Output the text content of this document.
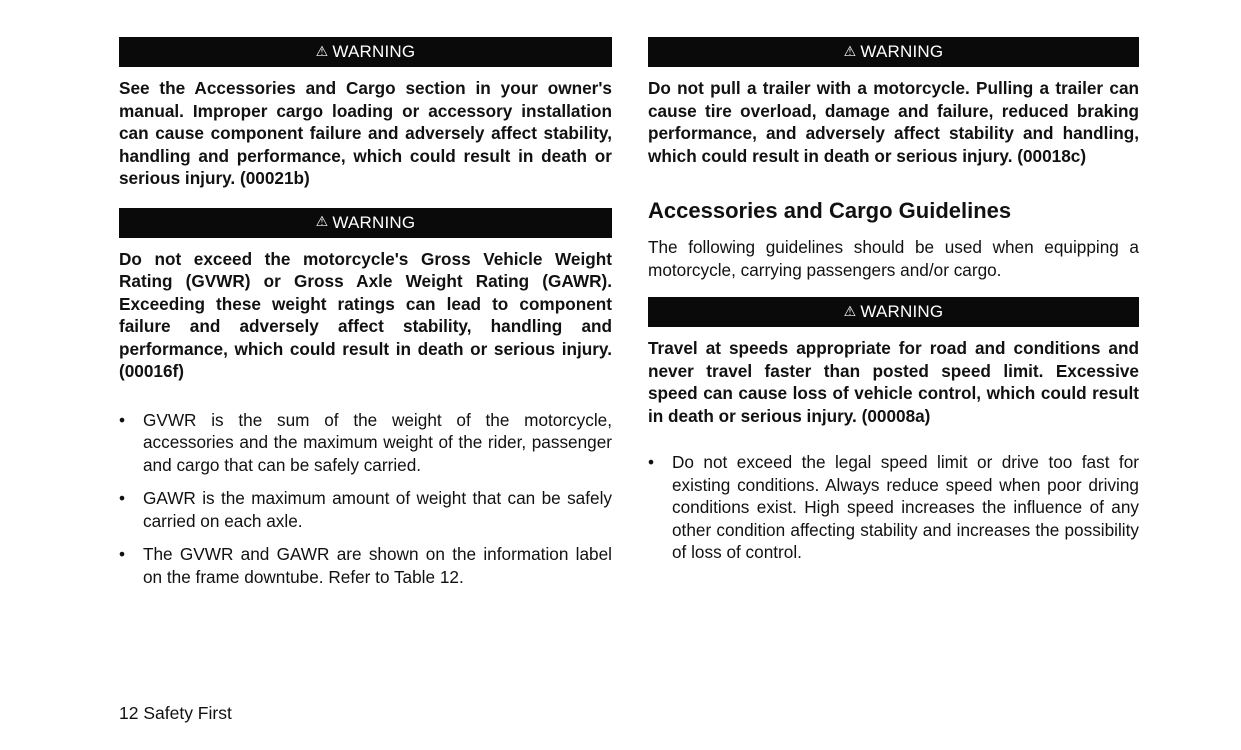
⚠ WARNING

See the Accessories and Cargo section in your owner's manual. Improper cargo loading or accessory installation can cause component failure and adversely affect stability, handling and performance, which could result in death or serious injury. (00021b)

⚠ WARNING

Do not exceed the motorcycle's Gross Vehicle Weight Rating (GVWR) or Gross Axle Weight Rating (GAWR). Exceeding these weight ratings can lead to component failure and adversely affect stability, handling and performance, which could result in death or serious injury. (00016f)

• GVWR is the sum of the weight of the motorcycle, accessories and the maximum weight of the rider, passenger and cargo that can be safely carried.
• GAWR is the maximum amount of weight that can be safely carried on each axle.
• The GVWR and GAWR are shown on the information label on the frame downtube. Refer to Table 12.
⚠ WARNING

Do not pull a trailer with a motorcycle. Pulling a trailer can cause tire overload, damage and failure, reduced braking performance, and adversely affect stability and handling, which could result in death or serious injury. (00018c)

Accessories and Cargo Guidelines

The following guidelines should be used when equipping a motorcycle, carrying passengers and/or cargo.

⚠ WARNING

Travel at speeds appropriate for road and conditions and never travel faster than posted speed limit. Excessive speed can cause loss of vehicle control, which could result in death or serious injury. (00008a)

• Do not exceed the legal speed limit or drive too fast for existing conditions. Always reduce speed when poor driving conditions exist. High speed increases the influence of any other condition affecting stability and increases the possibility of loss of control.
12 Safety First
